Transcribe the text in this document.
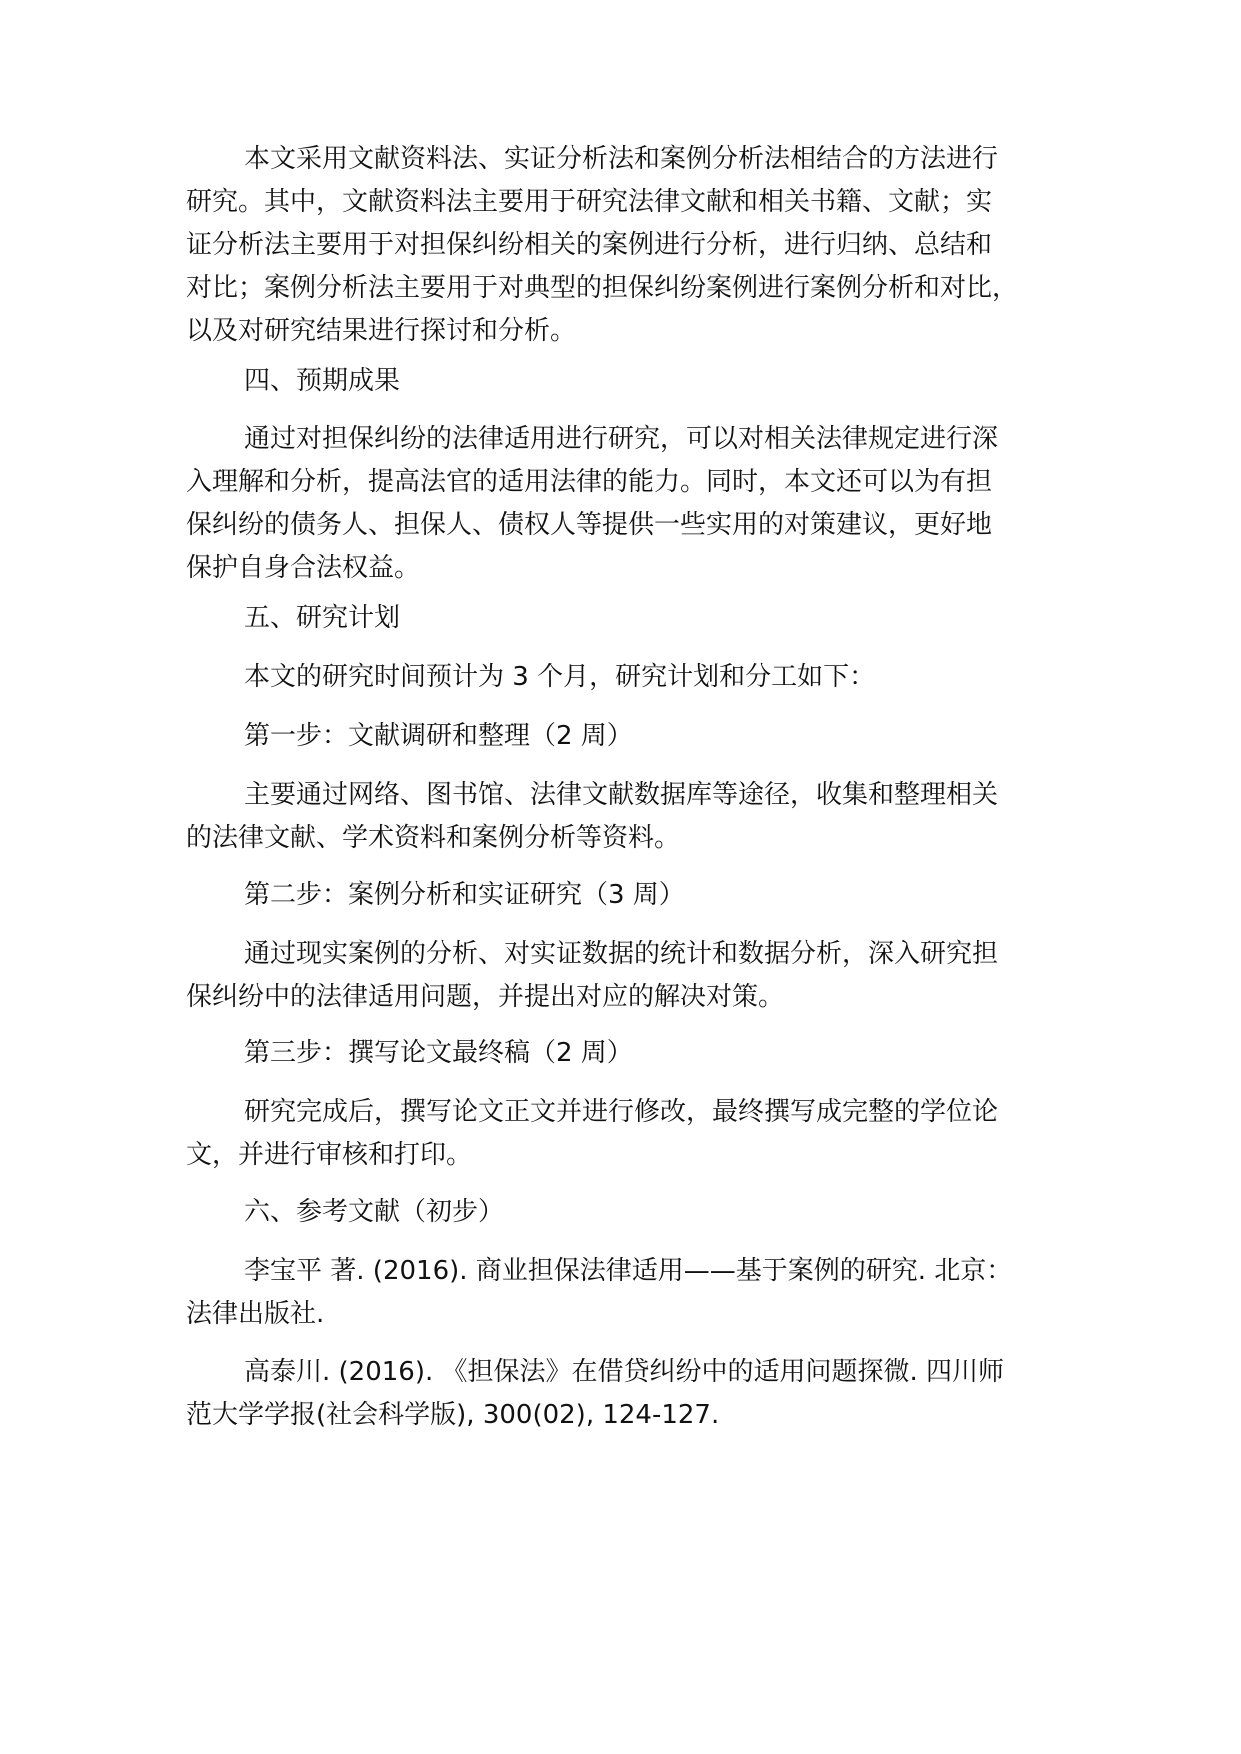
本文采用文献资料法、实证分析法和案例分析法相结合的方法进行
研究。其中，文献资料法主要用于研究法律文献和相关书籍、文献；实
证分析法主要用于对担保纠纷相关的案例进行分析，进行归纳、总结和
对比；案例分析法主要用于对典型的担保纠纷案例进行案例分析和对比，
以及对研究结果进行探讨和分析。
四、预期成果
通过对担保纠纷的法律适用进行研究，可以对相关法律规定进行深
入理解和分析，提高法官的适用法律的能力。同时，本文还可以为有担
保纠纷的债务人、担保人、债权人等提供一些实用的对策建议，更好地
保护自身合法权益。
五、研究计划
本文的研究时间预计为 3 个月，研究计划和分工如下：
第一步：文献调研和整理（2 周）
主要通过网络、图书馆、法律文献数据库等途径，收集和整理相关
的法律文献、学术资料和案例分析等资料。
第二步：案例分析和实证研究（3 周）
通过现实案例的分析、对实证数据的统计和数据分析，深入研究担
保纠纷中的法律适用问题，并提出对应的解决对策。
第三步：撰写论文最终稿（2 周）
研究完成后，撰写论文正文并进行修改，最终撰写成完整的学位论
文，并进行审核和打印。
六、参考文献（初步）
李宝平 著. (2016). 商业担保法律适用——基于案例的研究. 北京：
法律出版社.
高泰川. (2016). 《担保法》在借贷纠纷中的适用问题探微. 四川师
范大学学报(社会科学版), 300(02), 124-127.
